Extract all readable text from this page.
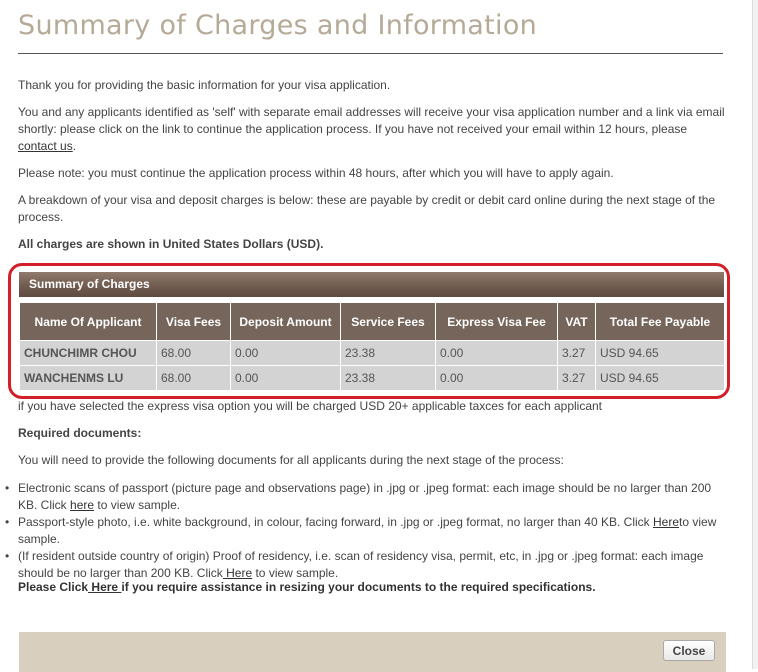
Summary of Charges and Information

Thank you for providing the basic information for your visa application.

You and any applicants identified as 'self' with separate email addresses will receive your visa application number and a link via email shortly: please click on the link to continue the application process. If you have not received your email within 12 hours, please contact us.

Please note: you must continue the application process within 48 hours, after which you will have to apply again.

A breakdown of your visa and deposit charges is below: these are payable by credit or debit card online during the next stage of the process.

All charges are shown in United States Dollars (USD).

Summary of Charges
Name Of Applicant	Visa Fees	Deposit Amount	Service Fees	Express Visa Fee	VAT	Total Fee Payable
CHUNCHIMR CHOU	68.00	0.00	23.38	0.00	3.27	USD 94.65
WANCHENMS LU	68.00	0.00	23.38	0.00	3.27	USD 94.65
if you have selected the express visa option you will be charged USD 20+ applicable taxces for each applicant
Required documents:
You will need to provide the following documents for all applicants during the next stage of the process:
• Electronic scans of passport (picture page and observations page) in .jpg or .jpeg format: each image should be no larger than 200 KB. Click here to view sample.
• Passport-style photo, i.e. white background, in colour, facing forward, in .jpg or .jpeg format, no larger than 40 KB. Click Hereto view sample.
• (If resident outside country of origin) Proof of residency, i.e. scan of residency visa, permit, etc, in .jpg or .jpeg format: each image should be no larger than 200 KB. Click Here to view sample.
Please Click Here if you require assistance in resizing your documents to the required specifications.
Close
